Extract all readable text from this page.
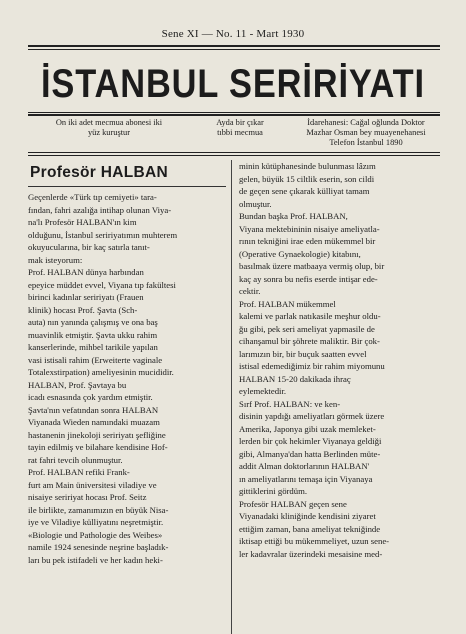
Sene XI — No. 11 - Mart 1930
İSTANBUL SERİRİYATI
On iki adet mecmua abonesi iki
yüz kuruştur
Ayda bir çıkar
tıbbi mecmua
İdarehanesi: Cağal oğlunda Doktor
Mazhar Osman bey muayenehanesi
Telefon İstanbul 1890
Profesör HALBAN
Geçenlerde «Türk tıp cemiyeti» tara-
fından, fahri azalığa intihap olunan Viya-
na'lı Profesör HALBAN'ın kim
olduğunu, İstanbul seririyatımın muhterem
okuyucularına, bir kaç satırla tanıt-
mak isteyorum:
Prof. HALBAN dünya harbından
epeyice müddet evvel, Viyana tıp fakültesi
birinci kadınlar seririyatı (Frauen
klinik) hocası Prof. Şavta (Sch-
auta) nın yanında çalışmış ve ona baş
muavinlik etmiştir. Şavta ukku rahim
kanserlerinde, mihbel tarikile yapılan
vasi istisali rahim (Erweiterte vaginale
Totalexstirpation) ameliyesinin mucididir.
HALBAN, Prof. Şavtaya bu
icadı esnasında çok yardım etmiştir.
Şavta'nın vefatından sonra HALBAN
Viyanada Wieden namındaki muazam
hastanenin jinekoloji seririyatı şefliğine
tayin edilmiş ve bilahare kendisine Hof-
rat fahri tevcih olunmuştur.
Prof. HALBAN refiki Frank-
furt am Main üniversitesi viladiye ve
nisaiye seririyat hocası Prof. Seitz
ile birlikte, zamanımızın en büyük Nisa-
iye ve Viladiye külliyatını neşretmiştir.
«Biologie und Pathologie des Weibes»
namile 1924 senesinde neşrine başladık-
ları bu pek istifadeli ve her kadın heki-
minin kütüphanesinde bulunması lâzım
gelen, büyük 15 ciltlik eserin, son cildi
de geçen sene çıkarak külliyat tamam
olmuştur.
Bundan başka Prof. HALBAN,
Viyana mektebininin nisaiye ameliyatla-
rının tekniğini irae eden mükemmel bir
(Operative Gynaekologie) kitabını,
basılmak üzere matbaaya vermiş olup, bir
kaç ay sonra bu nefis eserde intişar ede-
cektir.
Prof. HALBAN mükemmel
kalemi ve parlak natıkasile meşhur oldu-
ğu gibi, pek seri ameliyat yapmasile de
cihanşamul bir şöhrete maliktir. Bir çok-
larımızın bir, bir buçuk saatten evvel
istisal edemediğimiz bir rahim miyomunu
HALBAN 15-20 dakikada ihraç
eylemektedir.
Sırf Prof. HALBAN: ve ken-
disinin yapdığı ameliyatları görmek üzere
Amerika, Japonya gibi uzak memleket-
lerden bir çok hekimler Viyanaya geldiği
gibi, Almanya'dan hatta Berlinden müte-
addit Alman doktorlarının HALBAN'
ın ameliyatlarını temaşa için Viyanaya
gittiklerini gördüm.
Profesör HALBAN geçen sene
Viyanadaki kliniğinde kendisini ziyaret
ettiğim zaman, bana ameliyat tekniğinde
iktisap ettiği bu mükemmeliyet, uzun sene-
ler kadavralar üzerindeki mesaisine med-
